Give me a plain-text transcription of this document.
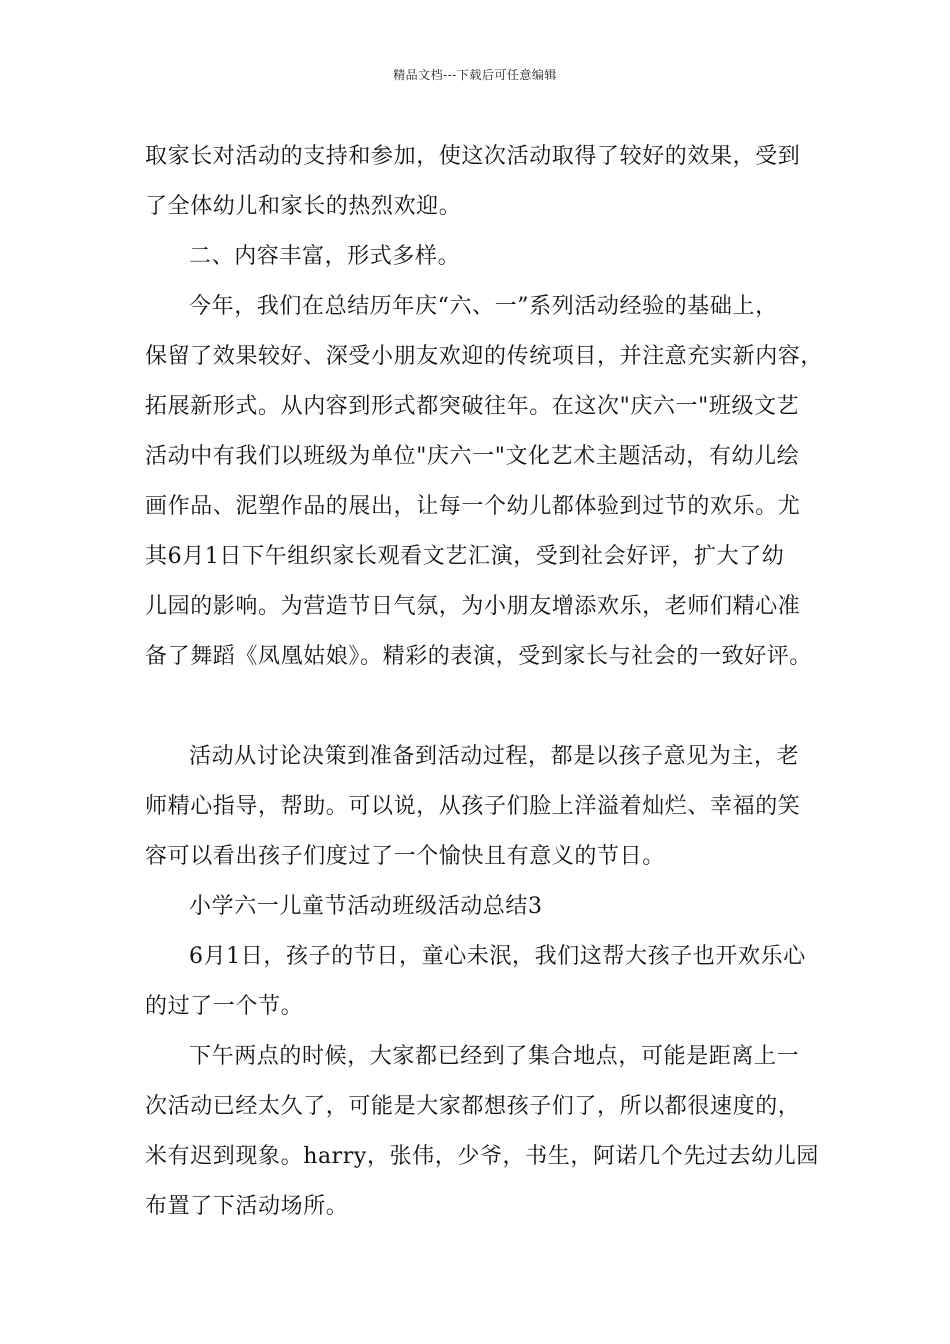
精品文档---下载后可任意编辑

取家长对活动的支持和参加，使这次活动取得了较好的效果，受到

了全体幼儿和家长的热烈欢迎。

二、内容丰富，形式多样。

今年，我们在总结历年庆“六、一”系列活动经验的基础上，

保留了效果较好、深受小朋友欢迎的传统项目，并注意充实新内容，

拓展新形式。从内容到形式都突破往年。在这次"庆六一"班级文艺

活动中有我们以班级为单位"庆六一"文化艺术主题活动，有幼儿绘

画作品、泥塑作品的展出，让每一个幼儿都体验到过节的欢乐。尤

其6月1日下午组织家长观看文艺汇演，受到社会好评，扩大了幼

儿园的影响。为营造节日气氛，为小朋友增添欢乐，老师们精心准

备了舞蹈《凤凰姑娘》。精彩的表演，受到家长与社会的一致好评。

活动从讨论决策到准备到活动过程，都是以孩子意见为主，老

师精心指导，帮助。可以说，从孩子们脸上洋溢着灿烂、幸福的笑

容可以看出孩子们度过了一个愉快且有意义的节日。

小学六一儿童节活动班级活动总结3

6月1日，孩子的节日，童心未泯，我们这帮大孩子也开欢乐心

的过了一个节。

下午两点的时候，大家都已经到了集合地点，可能是距离上一

次活动已经太久了，可能是大家都想孩子们了，所以都很速度的，

米有迟到现象。harry，张伟，少爷，书生，阿诺几个先过去幼儿园

布置了下活动场所。
